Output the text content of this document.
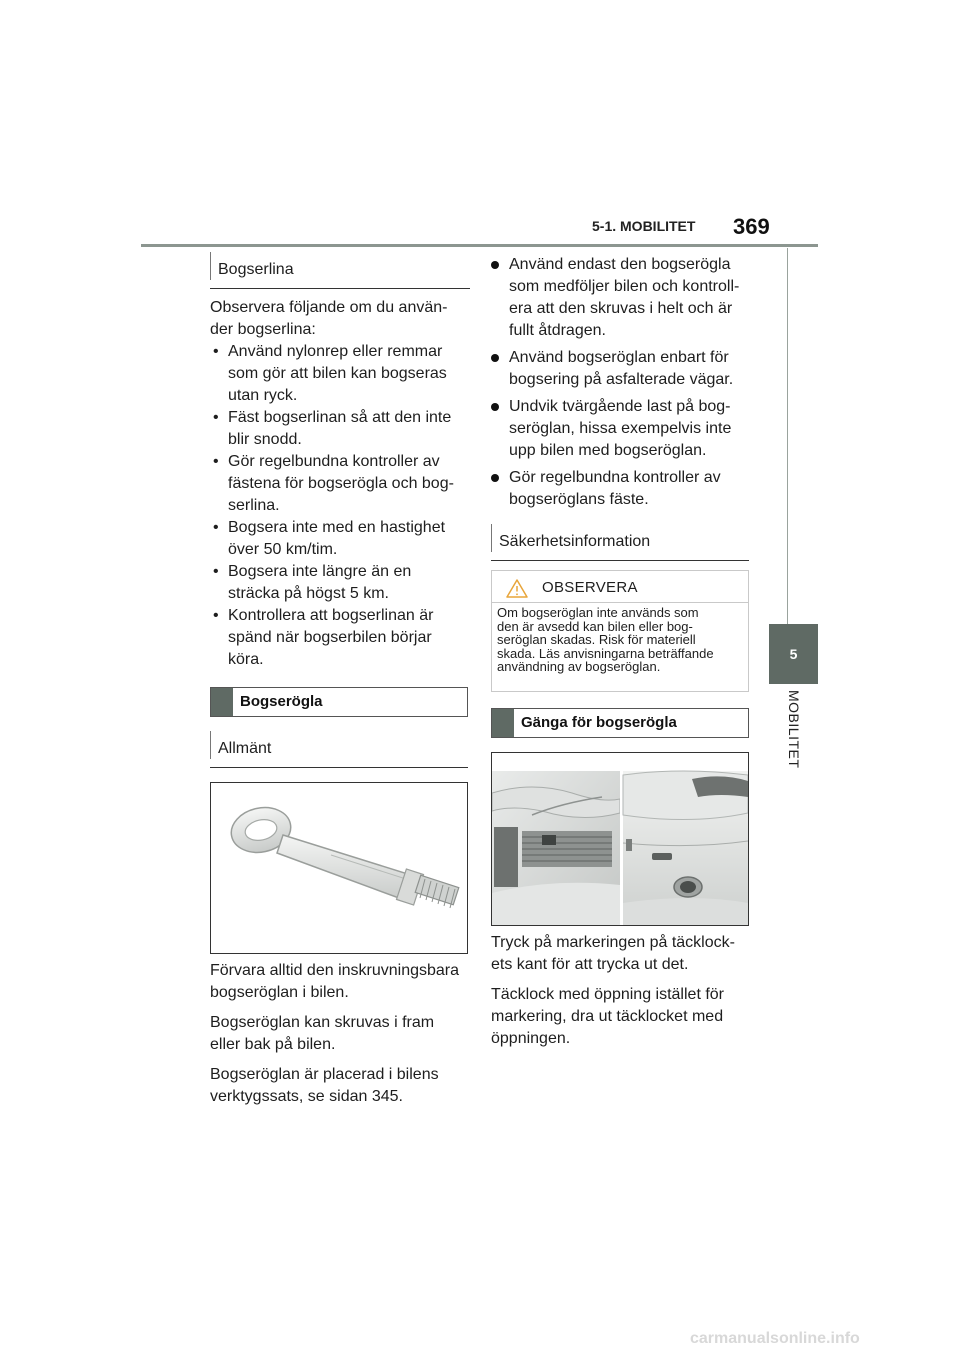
5-1. MOBILITET 369
5
MOBILITET
Bogserlina
Observera följande om du använ-
der bogserlina:
• Använd nylonrep eller remmar
som gör att bilen kan bogseras
utan ryck.
• Fäst bogserlinan så att den inte
blir snodd.
• Gör regelbundna kontroller av
fästena för bogserögla och bog-
serlina.
• Bogsera inte med en hastighet
över 50 km/tim.
• Bogsera inte längre än en
sträcka på högst 5 km.
• Kontrollera att bogserlinan är
spänd när bogserbilen börjar
köra.
Bogserögla
Allmänt

Förvara alltid den inskruvningsbara
bogseröglan i bilen.

Bogseröglan kan skruvas i fram
eller bak på bilen.

Bogseröglan är placerad i bilens
verktygssats, se sidan 345.

Använd endast den bogserögla
som medföljer bilen och kontroll-
era att den skruvas i helt och är
fullt åtdragen.
Använd bogseröglan enbart för
bogsering på asfalterade vägar.
Undvik tvärgående last på bog-
seröglan, hissa exempelvis inte
upp bilen med bogseröglan.
Gör regelbundna kontroller av
bogseröglans fäste.
Säkerhetsinformation
OBSERVERA
Om bogseröglan inte används som
den är avsedd kan bilen eller bog-
seröglan skadas. Risk för materiell
skada. Läs anvisningarna beträffande
användning av bogseröglan.
Gänga för bogserögla

Tryck på markeringen på täcklock-
ets kant för att trycka ut det.

Täcklock med öppning istället för
markering, dra ut täcklocket med
öppningen.

carmanualsonline.info
